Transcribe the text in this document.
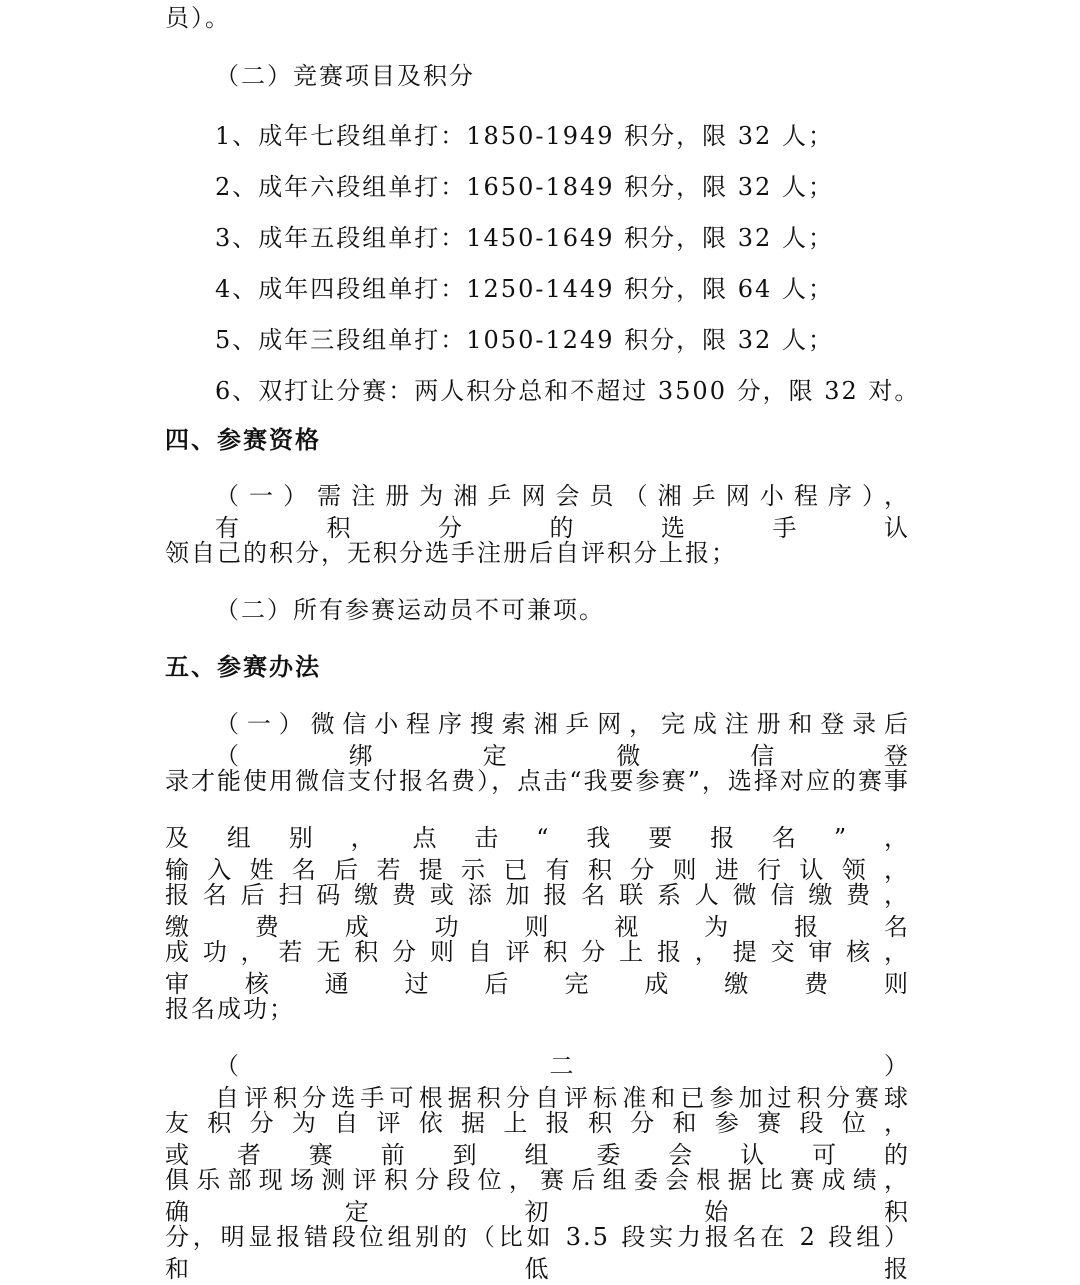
员）。
（二）竞赛项目及积分
1、成年七段组单打：1850-1949 积分，限 32 人；
2、成年六段组单打：1650-1849 积分，限 32 人；
3、成年五段组单打：1450-1649 积分，限 32 人；
4、成年四段组单打：1250-1449 积分，限 64 人；
5、成年三段组单打：1050-1249 积分，限 32 人；
6、双打让分赛：两人积分总和不超过 3500 分，限 32 对。
四、参赛资格
（一）需注册为湘乒网会员（湘乒网小程序），有积分的选手认
领自己的积分，无积分选手注册后自评积分上报；
（二）所有参赛运动员不可兼项。
五、参赛办法
（一）微信小程序搜索湘乒网，完成注册和登录后（绑定微信登
录才能使用微信支付报名费），点击“我要参赛”，选择对应的赛事
及组别，点击“我要报名”，输入姓名后若提示已有积分则进行认领，
报名后扫码缴费或添加报名联系人微信缴费，缴费成功则视为报名
成功，若无积分则自评积分上报，提交审核，审核通过后完成缴费则
报名成功；
（二）自评积分选手可根据积分自评标准和已参加过积分赛球
友积分为自评依据上报积分和参赛段位，或者赛前到组委会认可的
俱乐部现场测评积分段位，赛后组委会根据比赛成绩，确定初始积
分，明显报错段位组别的（比如 3.5 段实力报名在 2 段组）和低报
